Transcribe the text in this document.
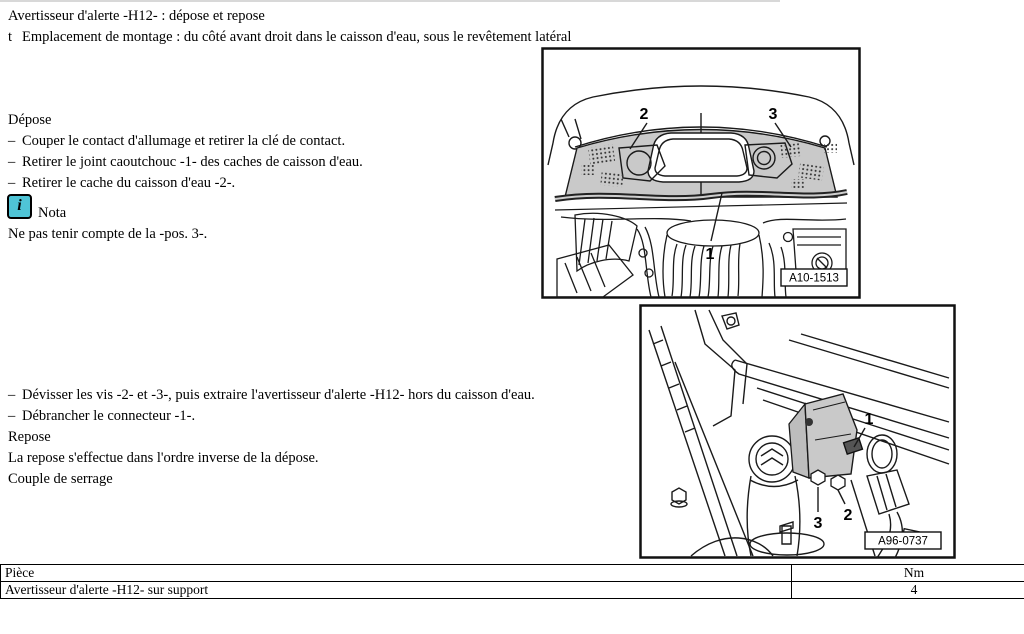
Avertisseur d'alerte -H12- : dépose et repose
t Emplacement de montage : du côté avant droit dans le caisson d'eau, sous le revêtement latéral
Dépose
– Couper le contact d'allumage et retirer la clé de contact.
– Retirer le joint caoutchouc -1- des caches de caisson d'eau.
– Retirer le cache du caisson d'eau -2-.
i	Nota
Ne pas tenir compte de la -pos. 3-.
– Dévisser les vis -2- et -3-, puis extraire l'avertisseur d'alerte -H12- hors du caisson d'eau.
– Débrancher le connecteur -1-.
Repose
La repose s'effectue dans l'ordre inverse de la dépose.
Couple de serrage
2	3
1
A10-1513
1
2
3
A96-0737
Pièce	Nm
Avertisseur d'alerte -H12- sur support	4
